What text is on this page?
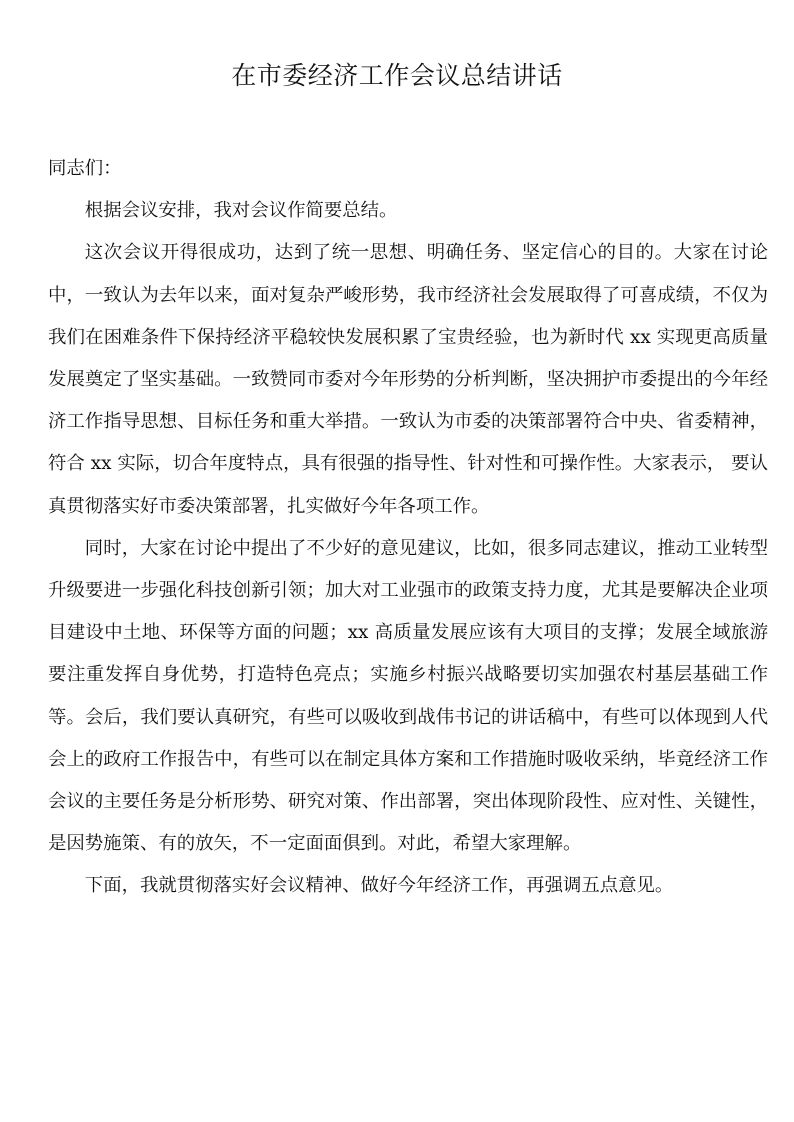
在市委经济工作会议总结讲话

同志们：

根据会议安排，我对会议作简要总结。

这次会议开得很成功，达到了统一思想、明确任务、坚定信心的目的。大家在讨论中，一致认为去年以来，面对复杂严峻形势，我市经济社会发展取得了可喜成绩，不仅为我们在困难条件下保持经济平稳较快发展积累了宝贵经验，也为新时代 xx 实现更高质量发展奠定了坚实基础。一致赞同市委对今年形势的分析判断，坚决拥护市委提出的今年经济工作指导思想、目标任务和重大举措。一致认为市委的决策部署符合中央、省委精神，符合 xx 实际，切合年度特点，具有很强的指导性、针对性和可操作性。大家表示， 要认真贯彻落实好市委决策部署，扎实做好今年各项工作。

同时，大家在讨论中提出了不少好的意见建议，比如，很多同志建议，推动工业转型升级要进一步强化科技创新引领；加大对工业强市的政策支持力度，尤其是要解决企业项目建设中土地、环保等方面的问题；xx 高质量发展应该有大项目的支撑；发展全域旅游要注重发挥自身优势，打造特色亮点；实施乡村振兴战略要切实加强农村基层基础工作等。会后，我们要认真研究，有些可以吸收到战伟书记的讲话稿中，有些可以体现到人代会上的政府工作报告中，有些可以在制定具体方案和工作措施时吸收采纳，毕竟经济工作会议的主要任务是分析形势、研究对策、作出部署，突出体现阶段性、应对性、关键性，是因势施策、有的放矢，不一定面面俱到。对此，希望大家理解。

下面，我就贯彻落实好会议精神、做好今年经济工作，再强调五点意见。
